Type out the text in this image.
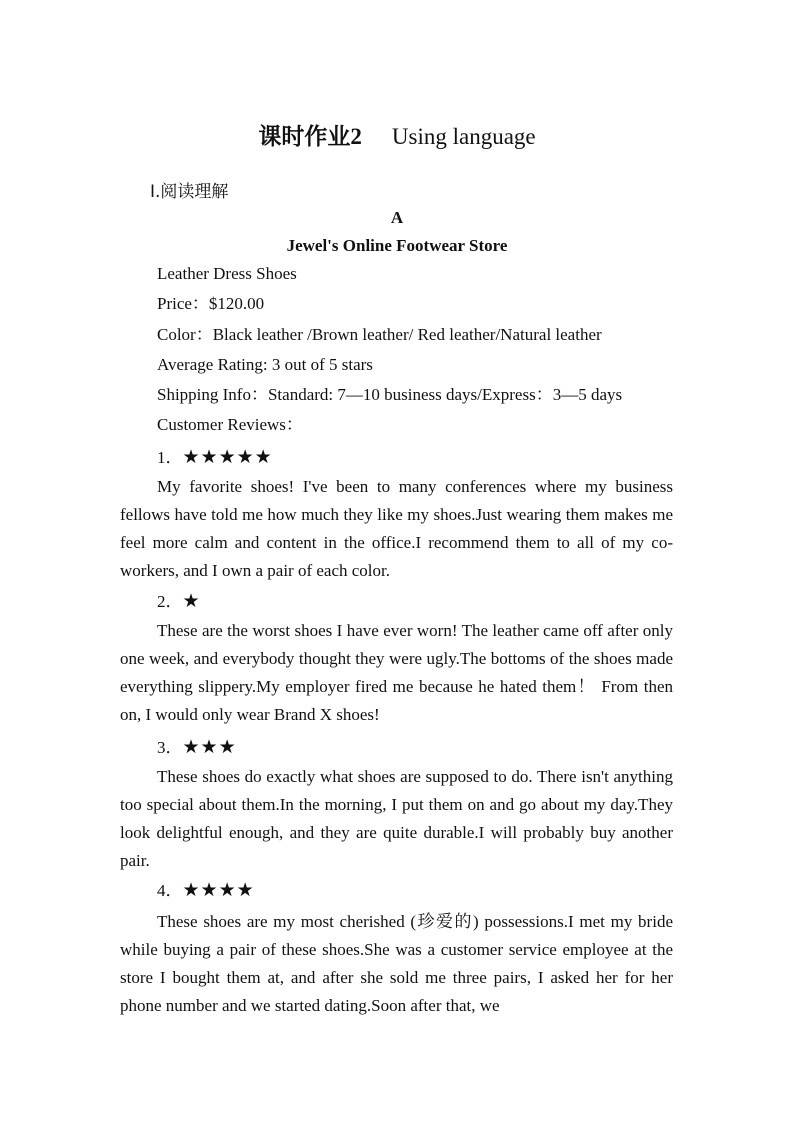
课时作业2 Using language
Ⅰ.阅读理解
A
Jewel's Online Footwear Store
Leather Dress Shoes
Price：$120.00
Color：Black leather /Brown leather/ Red leather/Natural leather
Average Rating: 3 out of 5 stars
Shipping Info：Standard: 7—10 business days/Express：3—5 days
Customer Reviews：
1．★★★★★

My favorite shoes! I've been to many conferences where my business fellows have told me how much they like my shoes.Just wearing them makes me feel more calm and content in the office.I recommend them to all of my co-workers, and I own a pair of each color.

2．★

These are the worst shoes I have ever worn! The leather came off after only one week, and everybody thought they were ugly.The bottoms of the shoes made everything slippery.My employer fired me because he hated them！ From then on, I would only wear Brand X shoes!

3．★★★

These shoes do exactly what shoes are supposed to do. There isn't anything too special about them.In the morning, I put them on and go about my day.They look delightful enough, and they are quite durable.I will probably buy another pair.

4．★★★★

These shoes are my most cherished (珍爱的) possessions.I met my bride while buying a pair of these shoes.She was a customer service employee at the store I bought them at, and after she sold me three pairs, I asked her for her phone number and we started dating.Soon after that, we
